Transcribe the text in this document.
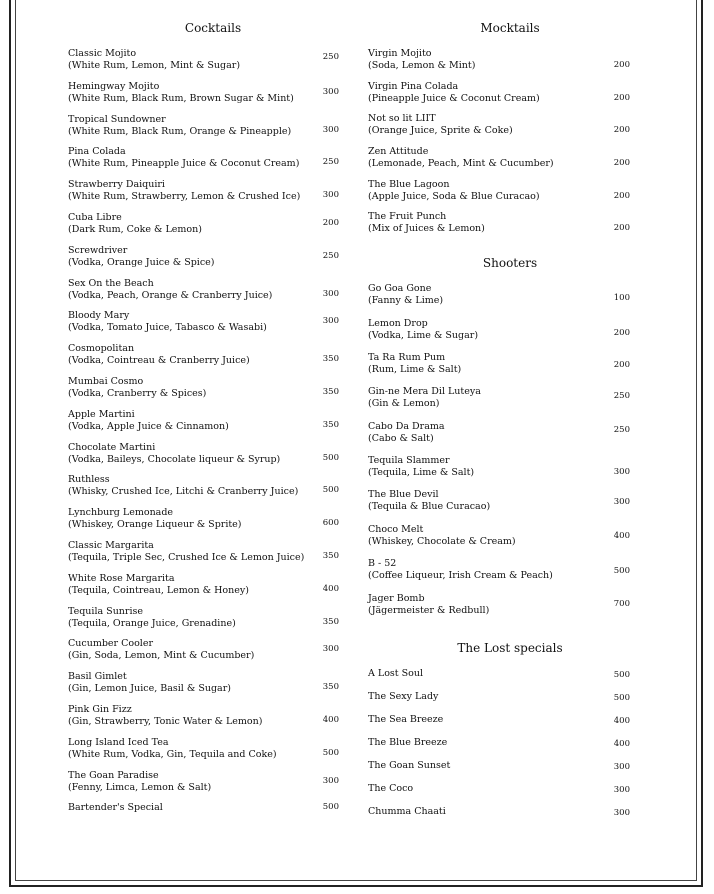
Cocktails
Classic Mojito
(White Rum, Lemon, Mint & Sugar)
250
Hemingway Mojito
(White Rum, Black Rum, Brown Sugar & Mint)
300
Tropical Sundowner
(White Rum, Black Rum, Orange & Pineapple)	300
Pina Colada
(White Rum, Pineapple Juice & Coconut Cream)	250
Strawberry Daiquiri
(White Rum, Strawberry, Lemon & Crushed Ice)	300
Cuba Libre
(Dark Rum, Coke & Lemon)
200
Screwdriver
(Vodka, Orange Juice & Spice)
250
Sex On the Beach
(Vodka, Peach, Orange & Cranberry Juice)	300
Bloody Mary
(Vodka, Tomato Juice, Tabasco & Wasabi)
300
Cosmopolitan
(Vodka, Cointreau & Cranberry Juice)	350
Mumbai Cosmo
(Vodka, Cranberry & Spices)	350
Apple Martini
(Vodka, Apple Juice & Cinnamon)	350
Chocolate Martini
(Vodka, Baileys, Chocolate liqueur & Syrup)	500
Ruthless
(Whisky, Crushed Ice, Litchi & Cranberry Juice)	500
Lynchburg Lemonade
(Whiskey, Orange Liqueur & Sprite)	600
Classic Margarita
(Tequila, Triple Sec, Crushed Ice & Lemon Juice)	350
White Rose Margarita
(Tequila, Cointreau, Lemon & Honey)	400
Tequila Sunrise
(Tequila, Orange Juice, Grenadine)	350
Cucumber Cooler
(Gin, Soda, Lemon, Mint & Cucumber)
300
Basil Gimlet
(Gin, Lemon Juice, Basil & Sugar)	350
Pink Gin Fizz
(Gin, Strawberry, Tonic Water & Lemon)	400
Long Island Iced Tea
(White Rum, Vodka, Gin, Tequila and Coke)	500
The Goan Paradise
(Fenny, Limca, Lemon & Salt)
300
Bartender's Special	500
Mocktails
Virgin Mojito
(Soda, Lemon & Mint)	200
Virgin Pina Colada
(Pineapple Juice & Coconut Cream)	200
Not so lit LIIT
(Orange Juice, Sprite & Coke)	200
Zen Attitude
(Lemonade, Peach, Mint & Cucumber)	200
The Blue Lagoon
(Apple Juice, Soda & Blue Curacao)	200
The Fruit Punch
(Mix of Juices & Lemon)	200
Shooters
Go Goa Gone
(Fanny & Lime)	100
Lemon Drop
(Vodka, Lime & Sugar)	200
Ta Ra Rum Pum
(Rum, Lime & Salt)	200
Gin-ne Mera Dil Luteya
(Gin & Lemon)
250
Cabo Da Drama
(Cabo & Salt)
250
Tequila Slammer
(Tequila, Lime & Salt)	300
The Blue Devil
(Tequila & Blue Curacao)	300
Choco Melt
(Whiskey, Chocolate & Cream)	400
B - 52
(Coffee Liqueur, Irish Cream & Peach)	500
Jager Bomb
(Jägermeister & Redbull)
700
The Lost specials
A Lost Soul	500
The Sexy Lady	500
The Sea Breeze	400
The Blue Breeze	400
The Goan Sunset	300
The Coco	300
Chumma Chaati	300
